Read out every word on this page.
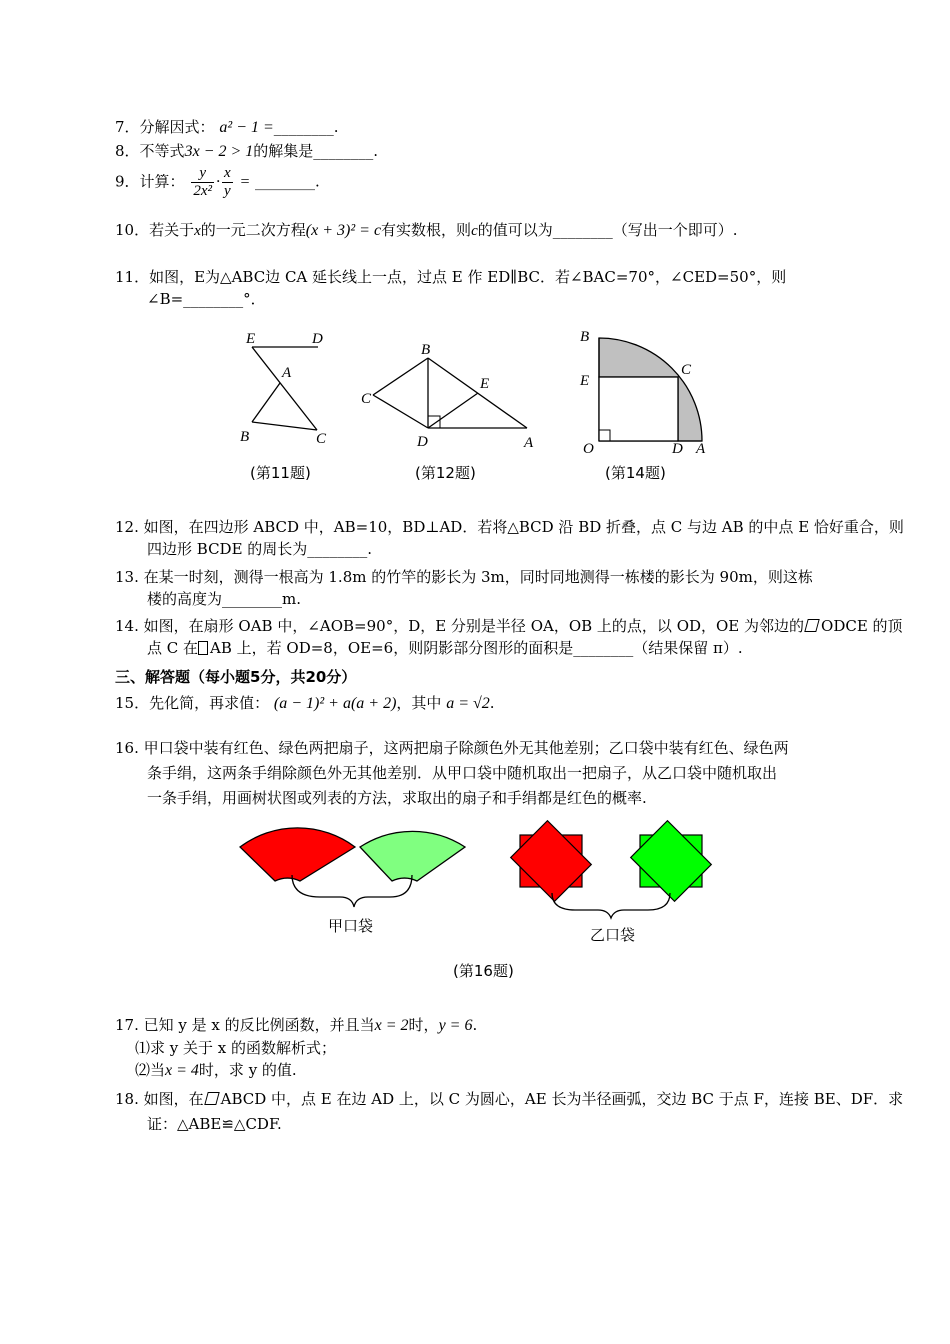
7．分解因式： a² − 1 =________.
8．不等式3x − 2 > 1的解集是________.
9．计算： $\frac{y}{\text{2x²}} \cdot \frac{x}{y}$ = ________.
10．若关于x的一元二次方程(x + 3)² = c有实数根，则c的值可以为________（写出一个即可）.
11．如图，E为△ABC边 CA 延长线上一点，过点 E 作 ED∥BC．若∠BAC=70°，∠CED=50°，则
∠B=________°．
E	D
A
B	C
(第11题)
B
E
C
D	A
(第12题)
B
E
C
O	D A
(第14题)
12. 如图，在四边形 ABCD 中，AB=10，BD⊥AD．若将△BCD 沿 BD 折叠，点 C 与边 AB 的中点 E 恰好重合，则
四边形 BCDE 的周长为________.
13. 在某一时刻，测得一根高为 1.8m 的竹竿的影长为 3m，同时同地测得一栋楼的影长为 90m，则这栋
楼的高度为________m.
14. 如图，在扇形 OAB 中，∠AOB=90°，D，E 分别是半径 OA，OB 上的点，以 OD，OE 为邻边的 ODCE 的顶
点 C 在 AB 上，若 OD=8，OE=6，则阴影部分图形的面积是________（结果保留 π）.
三、解答题（每小题5分，共20分）
15．先化简，再求值： (a − 1)² + a(a + 2)，其中 a = √2.
16. 甲口袋中装有红色、绿色两把扇子，这两把扇子除颜色外无其他差别；乙口袋中装有红色、绿色两
条手绢，这两条手绢除颜色外无其他差别．从甲口袋中随机取出一把扇子，从乙口袋中随机取出
一条手绢，用画树状图或列表的方法，求取出的扇子和手绢都是红色的概率.
甲口袋	乙口袋
(第16题)
17. 已知 y 是 x 的反比例函数，并且当x = 2时，y = 6.
⑴求 y 关于 x 的函数解析式；
⑵当x = 4时，求 y 的值.
18. 如图，在 ABCD 中，点 E 在边 AD 上，以 C 为圆心，AE 长为半径画弧，交边 BC 于点 F，连接 BE、DF．求
证：△ABE≌△CDF.
